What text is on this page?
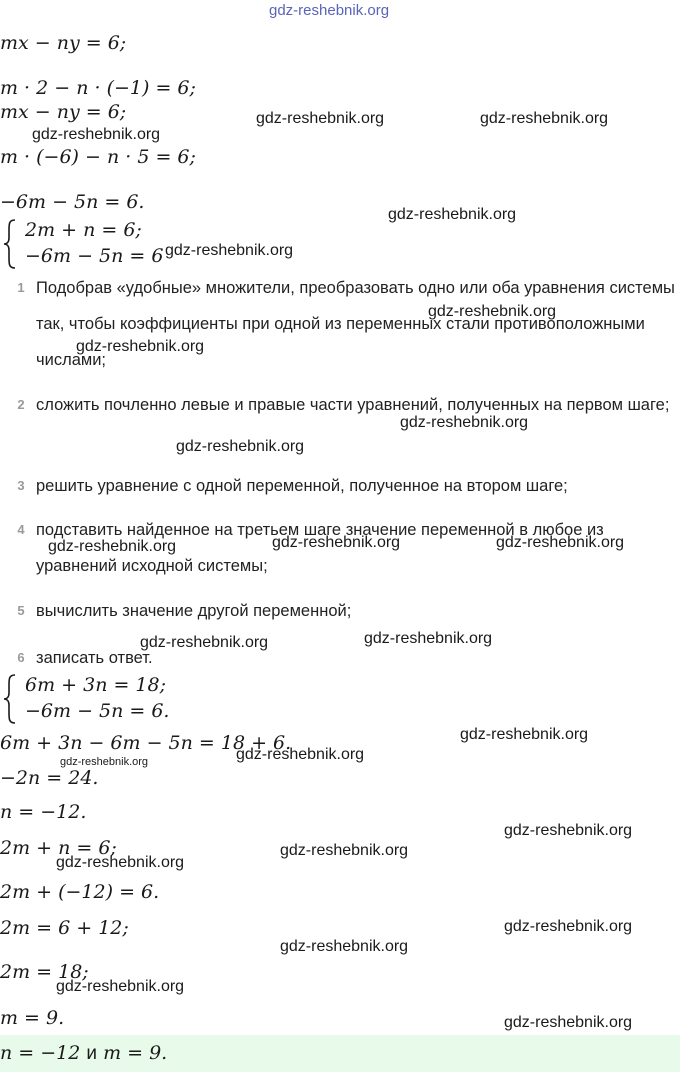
gdz-reshebnik.org
mx − ny = 6;
m · 2 − n · (−1) = 6;
mx − ny = 6;
m · (−6) − n · 5 = 6;
−6m − 5n = 6.
2m + n = 6;
−6m − 5n = 6
1 Подобрав «удобные» множители, преобразовать одно или оба уравнения системы так, чтобы коэффициенты при одной из переменных стали противоположными числами;
2 сложить почленно левые и правые части уравнений, полученных на первом шаге;
3 решить уравнение с одной переменной, полученное на втором шаге;
4 подставить найденное на третьем шаге значение переменной в любое из уравнений исходной системы;
5 вычислить значение другой переменной;
6 записать ответ.
6m + 3n = 18;
−6m − 5n = 6.
6m + 3n − 6m − 5n = 18 + 6.
−2n = 24.
n = −12.
2m + n = 6;
2m + (−12) = 6.
2m = 6 + 12;
2m = 18;
m = 9.
n = −12 и m = 9.
gdz-reshebnik.org	gdz-reshebnik.org
gdz-reshebnik.org
gdz-reshebnik.org
gdz-reshebnik.org
gdz-reshebnik.org
gdz-reshebnik.org
gdz-reshebnik.org
gdz-reshebnik.org
gdz-reshebnik.org	gdz-reshebnik.org	gdz-reshebnik.org
gdz-reshebnik.org	gdz-reshebnik.org
gdz-reshebnik.org
gdz-reshebnik.org
gdz-reshebnik.org
gdz-reshebnik.org
gdz-reshebnik.org
gdz-reshebnik.org
gdz-reshebnik.org
gdz-reshebnik.org
gdz-reshebnik.org
gdz-reshebnik.org
